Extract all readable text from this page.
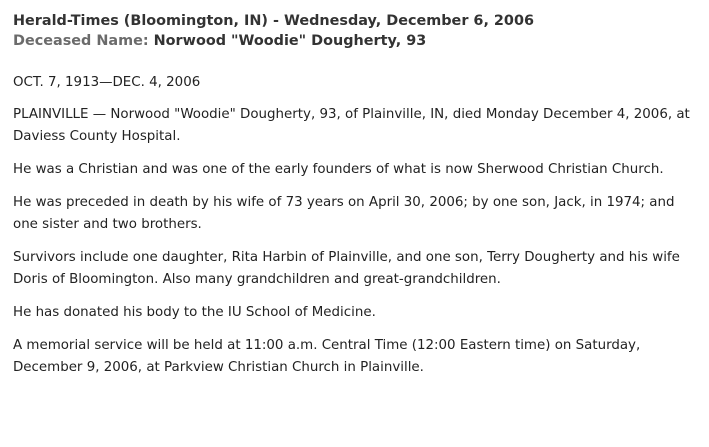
Herald-Times (Bloomington, IN) - Wednesday, December 6, 2006
Deceased Name: Norwood "Woodie" Dougherty, 93
OCT. 7, 1913—DEC. 4, 2006

PLAINVILLE — Norwood "Woodie" Dougherty, 93, of Plainville, IN, died Monday December 4, 2006, at Daviess County Hospital.

He was a Christian and was one of the early founders of what is now Sherwood Christian Church.

He was preceded in death by his wife of 73 years on April 30, 2006; by one son, Jack, in 1974; and one sister and two brothers.

Survivors include one daughter, Rita Harbin of Plainville, and one son, Terry Dougherty and his wife Doris of Bloomington. Also many grandchildren and great-grandchildren.

He has donated his body to the IU School of Medicine.

A memorial service will be held at 11:00 a.m. Central Time (12:00 Eastern time) on Saturday, December 9, 2006, at Parkview Christian Church in Plainville.
